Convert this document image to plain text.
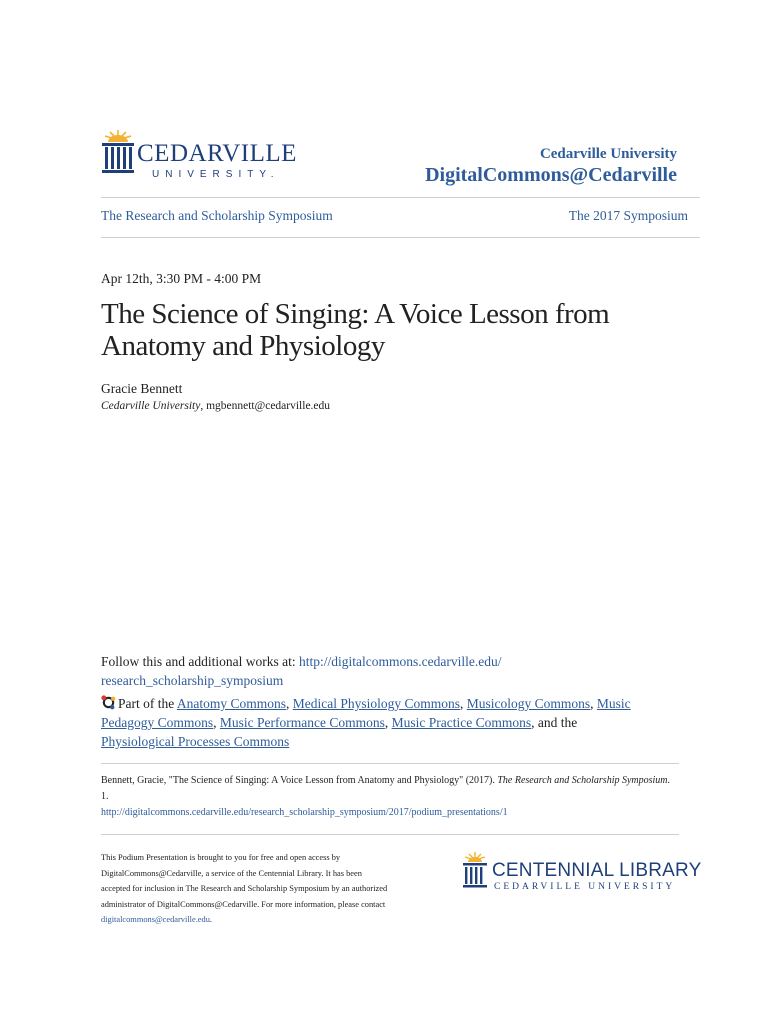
CEDARVILLE
UNIVERSITY.
Cedarville University
DigitalCommons@Cedarville
The Research and Scholarship Symposium	The 2017 Symposium
Apr 12th, 3:30 PM - 4:00 PM
The Science of Singing: A Voice Lesson from Anatomy and Physiology
Gracie Bennett
Cedarville University, mgbennett@cedarville.edu
Follow this and additional works at: http://digitalcommons.cedarville.edu/
research_scholarship_symposium
Part of the Anatomy Commons, Medical Physiology Commons, Musicology Commons, Music Pedagogy Commons, Music Performance Commons, Music Practice Commons, and the
Physiological Processes Commons
Bennett, Gracie, "The Science of Singing: A Voice Lesson from Anatomy and Physiology" (2017). The Research and Scholarship Symposium. 1.
http://digitalcommons.cedarville.edu/research_scholarship_symposium/2017/podium_presentations/1
This Podium Presentation is brought to you for free and open access by DigitalCommons@Cedarville, a service of the Centennial Library. It has been accepted for inclusion in The Research and Scholarship Symposium by an authorized administrator of DigitalCommons@Cedarville. For more information, please contact digitalcommons@cedarville.edu.
CENTENNIAL LIBRARY
CEDARVILLE UNIVERSITY
